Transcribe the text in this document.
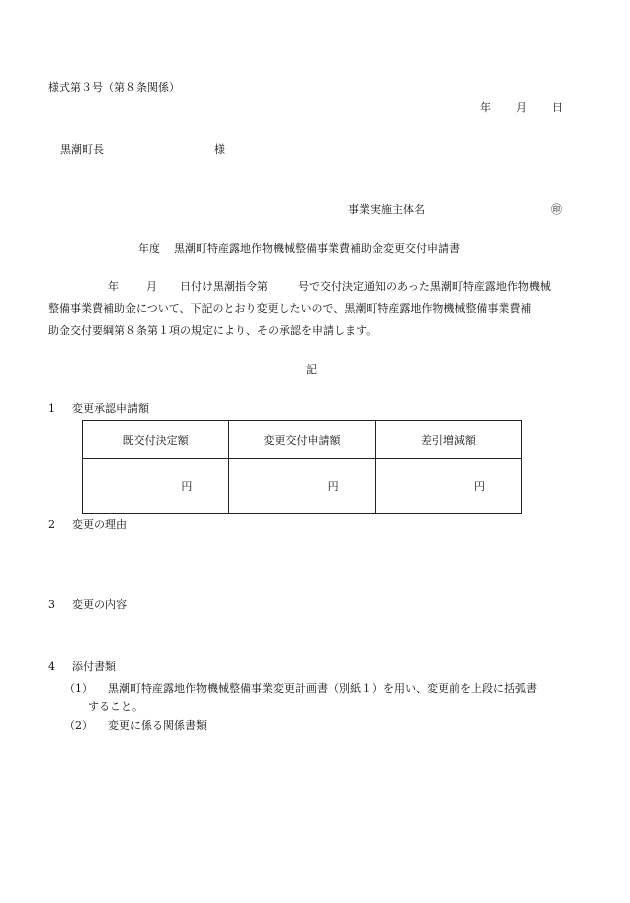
様式第３号（第８条関係）
年 月 日
黒潮町長	様
事業実施主体名	㊞
年度 黒潮町特産露地作物機械整備事業費補助金変更交付申請書
年 月 日付け黒潮指令第	号で交付決定通知のあった黒潮町特産露地作物機械
整備事業費補助金について、下記のとおり変更したいので、黒潮町特産露地作物機械整備事業費補
助金交付要綱第８条第１項の規定により、その承認を申請します。
記
1 変更承認申請額
既交付決定額	変更交付申請額	差引増減額
円	円	円
2 変更の理由
3 変更の内容
4 添付書類
（1） 黒潮町特産露地作物機械整備事業変更計画書（別紙１）を用い、変更前を上段に括弧書
すること。
（2） 変更に係る関係書類
